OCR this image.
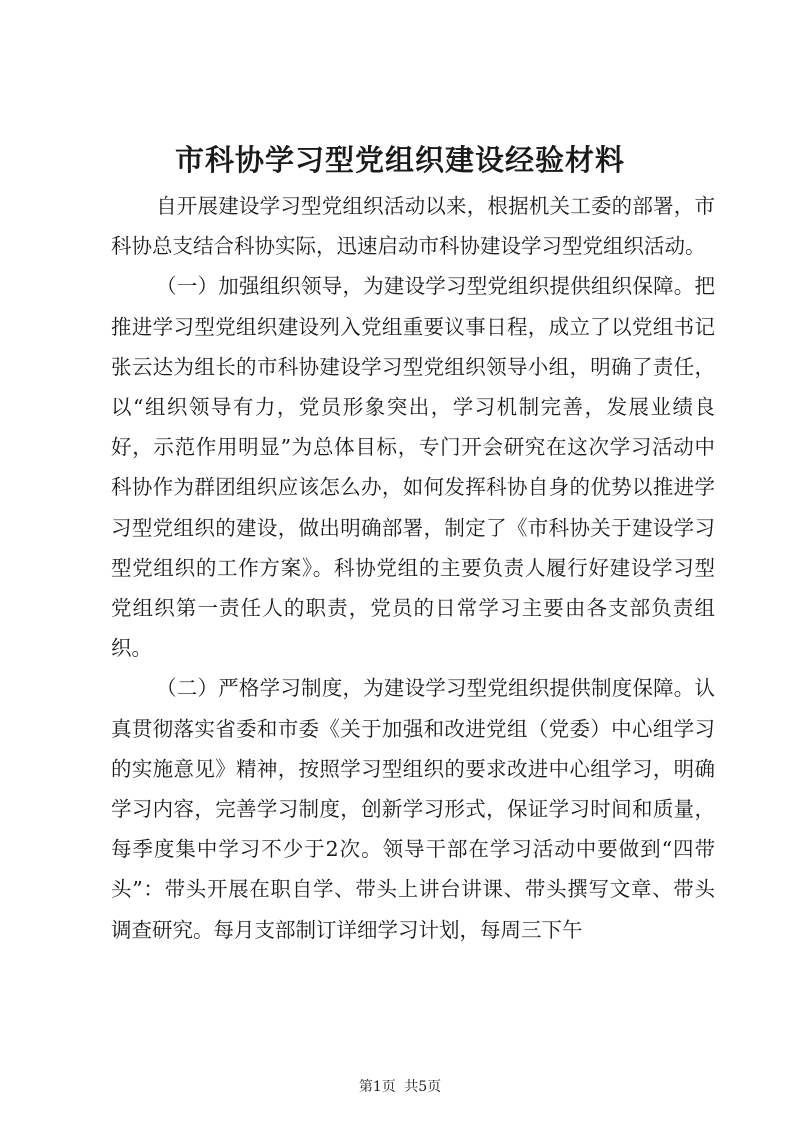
市科协学习型党组织建设经验材料

自开展建设学习型党组织活动以来，根据机关工委的部署，市科协总支结合科协实际，迅速启动市科协建设学习型党组织活动。

（一）加强组织领导，为建设学习型党组织提供组织保障。把推进学习型党组织建设列入党组重要议事日程，成立了以党组书记张云达为组长的市科协建设学习型党组织领导小组，明确了责任，以“组织领导有力，党员形象突出，学习机制完善，发展业绩良好，示范作用明显”为总体目标，专门开会研究在这次学习活动中科协作为群团组织应该怎么办，如何发挥科协自身的优势以推进学习型党组织的建设，做出明确部署，制定了《市科协关于建设学习型党组织的工作方案》。科协党组的主要负责人履行好建设学习型党组织第一责任人的职责，党员的日常学习主要由各支部负责组织。

（二）严格学习制度，为建设学习型党组织提供制度保障。认真贯彻落实省委和市委《关于加强和改进党组（党委）中心组学习的实施意见》精神，按照学习型组织的要求改进中心组学习，明确学习内容，完善学习制度，创新学习形式，保证学习时间和质量，每季度集中学习不少于2次。领导干部在学习活动中要做到“四带头”：带头开展在职自学、带头上讲台讲课、带头撰写文章、带头调查研究。每月支部制订详细学习计划，每周三下午

第1页 共5页
